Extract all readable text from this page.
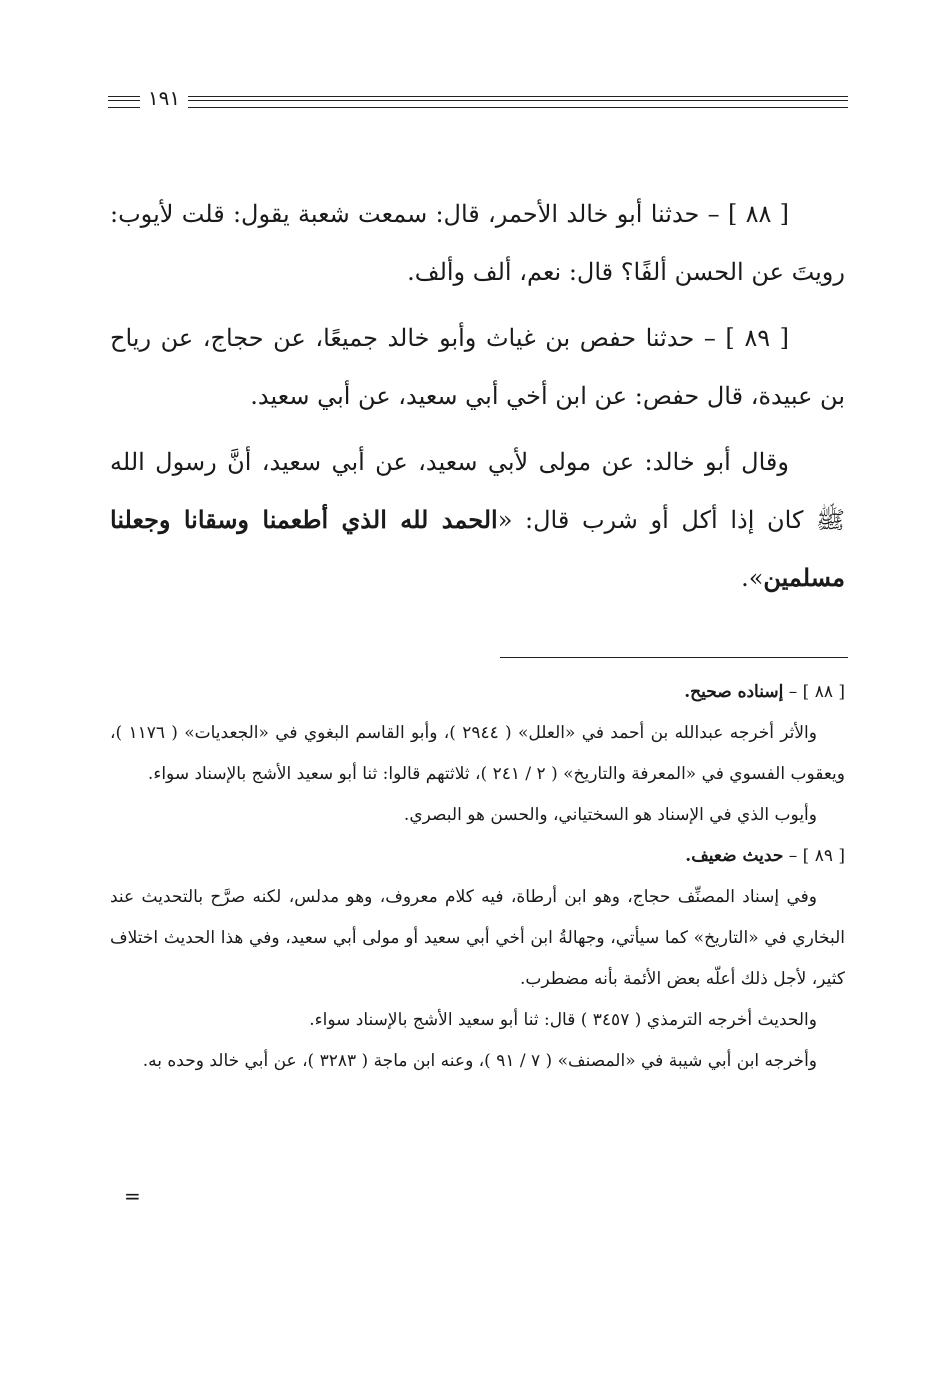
١٩١

[ ٨٨ ] – حدثنا أبو خالد الأحمر، قال: سمعت شعبة يقول: قلت لأيوب: رويتَ عن الحسن ألفًا؟ قال: نعم، ألف وألف.

[ ٨٩ ] – حدثنا حفص بن غياث وأبو خالد جميعًا، عن حجاج، عن رياح بن عبيدة، قال حفص: عن ابن أخي أبي سعيد، عن أبي سعيد.

وقال أبو خالد: عن مولى لأبي سعيد، عن أبي سعيد، أنَّ رسول الله ﷺ كان إذا أكل أو شرب قال: «الحمد لله الذي أطعمنا وسقانا وجعلنا مسلمين».

[ ٨٨ ] – إسناده صحيح.

والأثر أخرجه عبدالله بن أحمد في «العلل» ( ٢٩٤٤ )، وأبو القاسم البغوي في «الجعديات» ( ١١٧٦ )، ويعقوب الفسوي في «المعرفة والتاريخ» ( ٢ / ٢٤١ )، ثلاثتهم قالوا: ثنا أبو سعيد الأشج بالإسناد سواء.

وأيوب الذي في الإسناد هو السختياني، والحسن هو البصري.

[ ٨٩ ] – حديث ضعيف.

وفي إسناد المصنِّف حجاج، وهو ابن أرطاة، فيه كلام معروف، وهو مدلس، لكنه صرَّح بالتحديث عند البخاري في «التاريخ» كما سيأتي، وجهالةُ ابن أخي أبي سعيد أو مولى أبي سعيد، وفي هذا الحديث اختلاف كثير، لأجل ذلك أعلّه بعض الأئمة بأنه مضطرب.

والحديث أخرجه الترمذي ( ٣٤٥٧ ) قال: ثنا أبو سعيد الأشج بالإسناد سواء.

وأخرجه ابن أبي شيبة في «المصنف» ( ٧ / ٩١ )، وعنه ابن ماجة ( ٣٢٨٣ )، عن أبي خالد وحده به.

=
